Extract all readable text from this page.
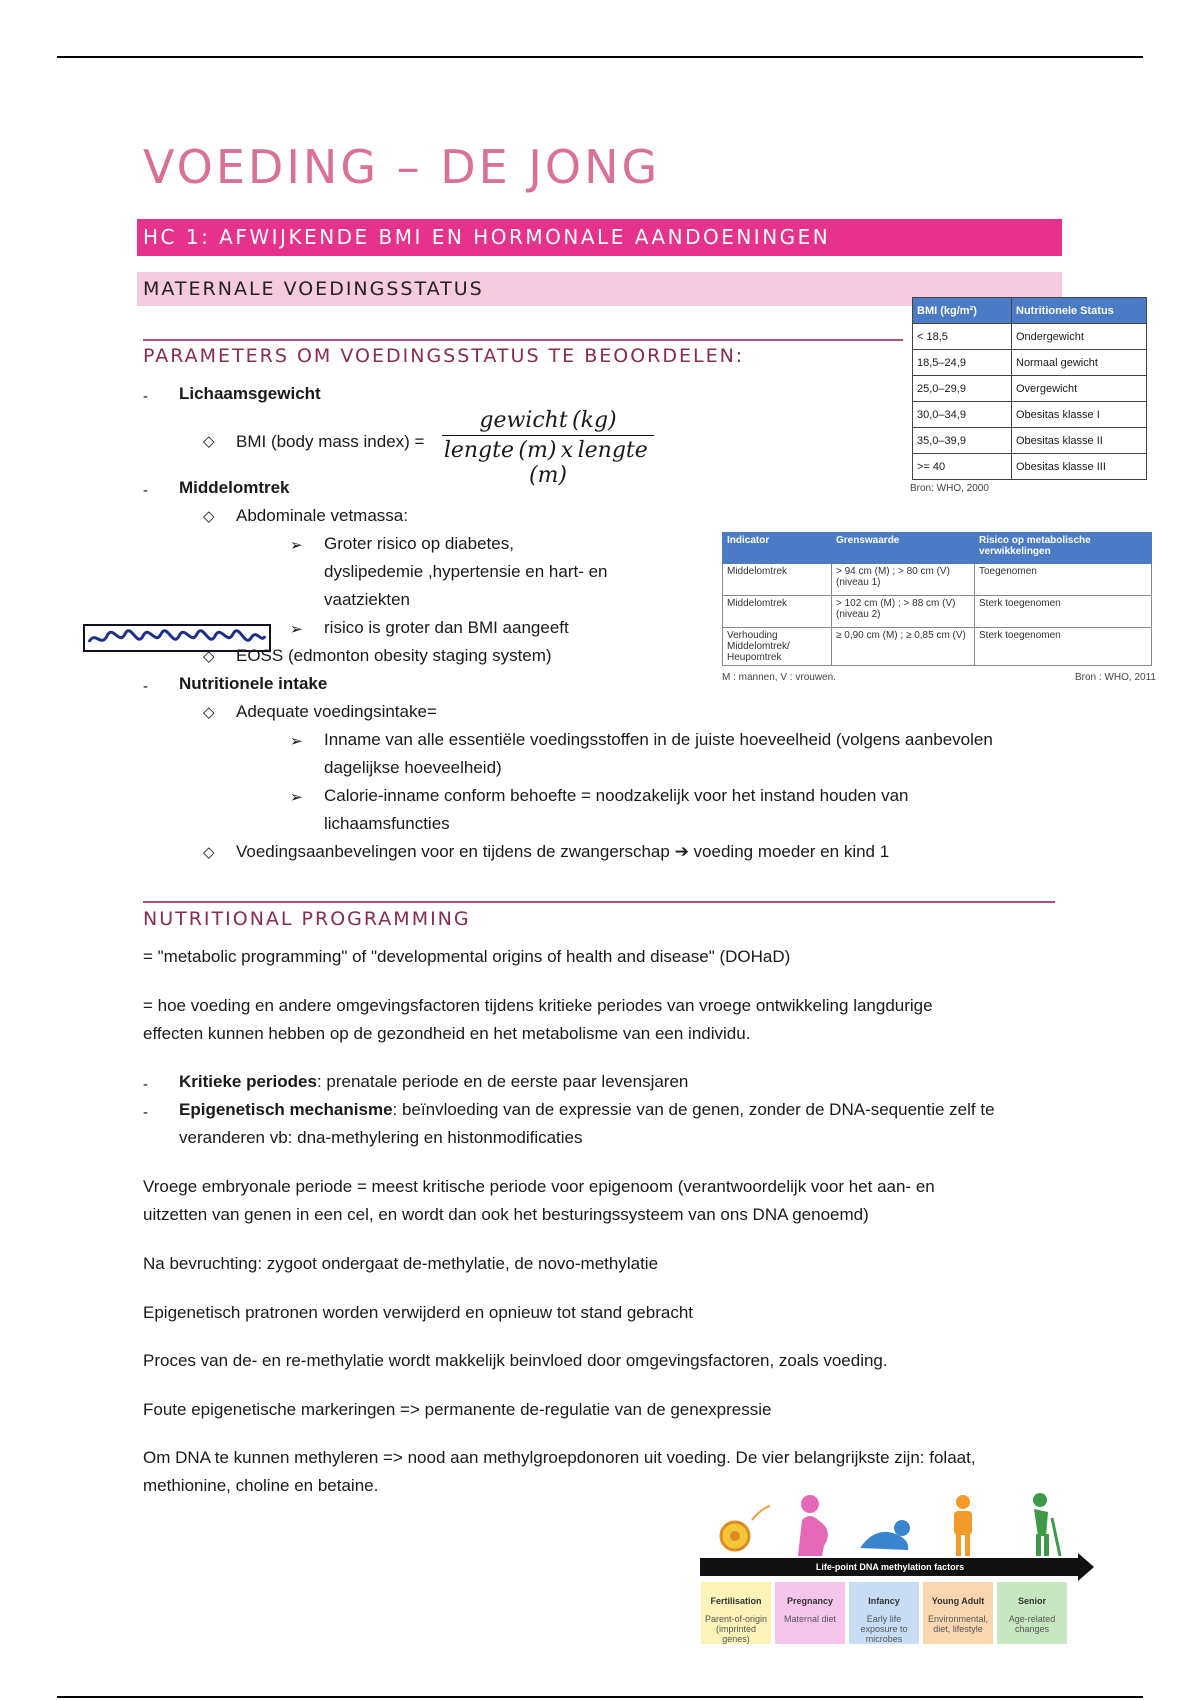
VOEDING – DE JONG
HC 1: AFWIJKENDE BMI EN HORMONALE AANDOENINGEN
MATERNALE VOEDINGSSTATUS
PARAMETERS OM VOEDINGSSTATUS TE BEOORDELEN:
- Lichaamsgewicht
◇ BMI (body mass index) =
gewicht (kg)
lengte (m) x lengte (m)
- Middelomtrek
◇ Abdominale vetmassa:
➢ Groter risico op diabetes,
dyslipedemie ,hypertensie en hart- en
vaatziekten
➢ risico is groter dan BMI aangeeft
◇ EOSS (edmonton obesity staging system)
- Nutritionele intake
◇ Adequate voedingsintake=
➢ Inname van alle essentiële voedingsstoffen in de juiste hoeveelheid (volgens aanbevolen
dagelijkse hoeveelheid)
➢ Calorie-inname conform behoefte = noodzakelijk voor het instand houden van
lichaamsfuncties
◇ Voedingsaanbevelingen voor en tijdens de zwangerschap ➔ voeding moeder en kind 1
BMI (kg/m²)	Nutritionele Status
< 18,5	Ondergewicht
18,5–24,9	Normaal gewicht
25,0–29,9	Overgewicht
30,0–34,9	Obesitas klasse I
35,0–39,9	Obesitas klasse II
>= 40	Obesitas klasse III
Bron: WHO, 2000
Indicator	Grenswaarde	Risico op metabolische verwikkelingen
Middelomtrek	> 94 cm (M) ; > 80 cm (V) (niveau 1)	Toegenomen
Middelomtrek	> 102 cm (M) ; > 88 cm (V) (niveau 2)	Sterk toegenomen
Verhouding Middelomtrek/ Heupomtrek	≥ 0,90 cm (M) ; ≥ 0,85 cm (V)	Sterk toegenomen
M : mannen, V : vrouwen.	Bron : WHO, 2011
NUTRITIONAL PROGRAMMING
= "metabolic programming" of "developmental origins of health and disease" (DOHaD)
= hoe voeding en andere omgevingsfactoren tijdens kritieke periodes van vroege ontwikkeling langdurige
effecten kunnen hebben op de gezondheid en het metabolisme van een individu.
- Kritieke periodes: prenatale periode en de eerste paar levensjaren
- Epigenetisch mechanisme: beïnvloeding van de expressie van de genen, zonder de DNA-sequentie zelf te
veranderen vb: dna-methylering en histonmodificaties
Vroege embryonale periode = meest kritische periode voor epigenoom (verantwoordelijk voor het aan- en
uitzetten van genen in een cel, en wordt dan ook het besturingssysteem van ons DNA genoemd)
Na bevruchting: zygoot ondergaat de-methylatie, de novo-methylatie
Epigenetisch pratronen worden verwijderd en opnieuw tot stand gebracht
Proces van de- en re-methylatie wordt makkelijk beinvloed door omgevingsfactoren, zoals voeding.
Foute epigenetische markeringen => permanente de-regulatie van de genexpressie
Om DNA te kunnen methyleren => nood aan methylgroepdonoren uit voeding. De vier belangrijkste zijn: folaat,
methionine, choline en betaine.
Life-point DNA methylation factors
Fertilisation
Parent-of-origin (imprinted genes)
Pregnancy
Maternal diet
Infancy
Early life exposure to microbes
Young Adult
Environmental, diet, lifestyle
Senior
Age-related changes
